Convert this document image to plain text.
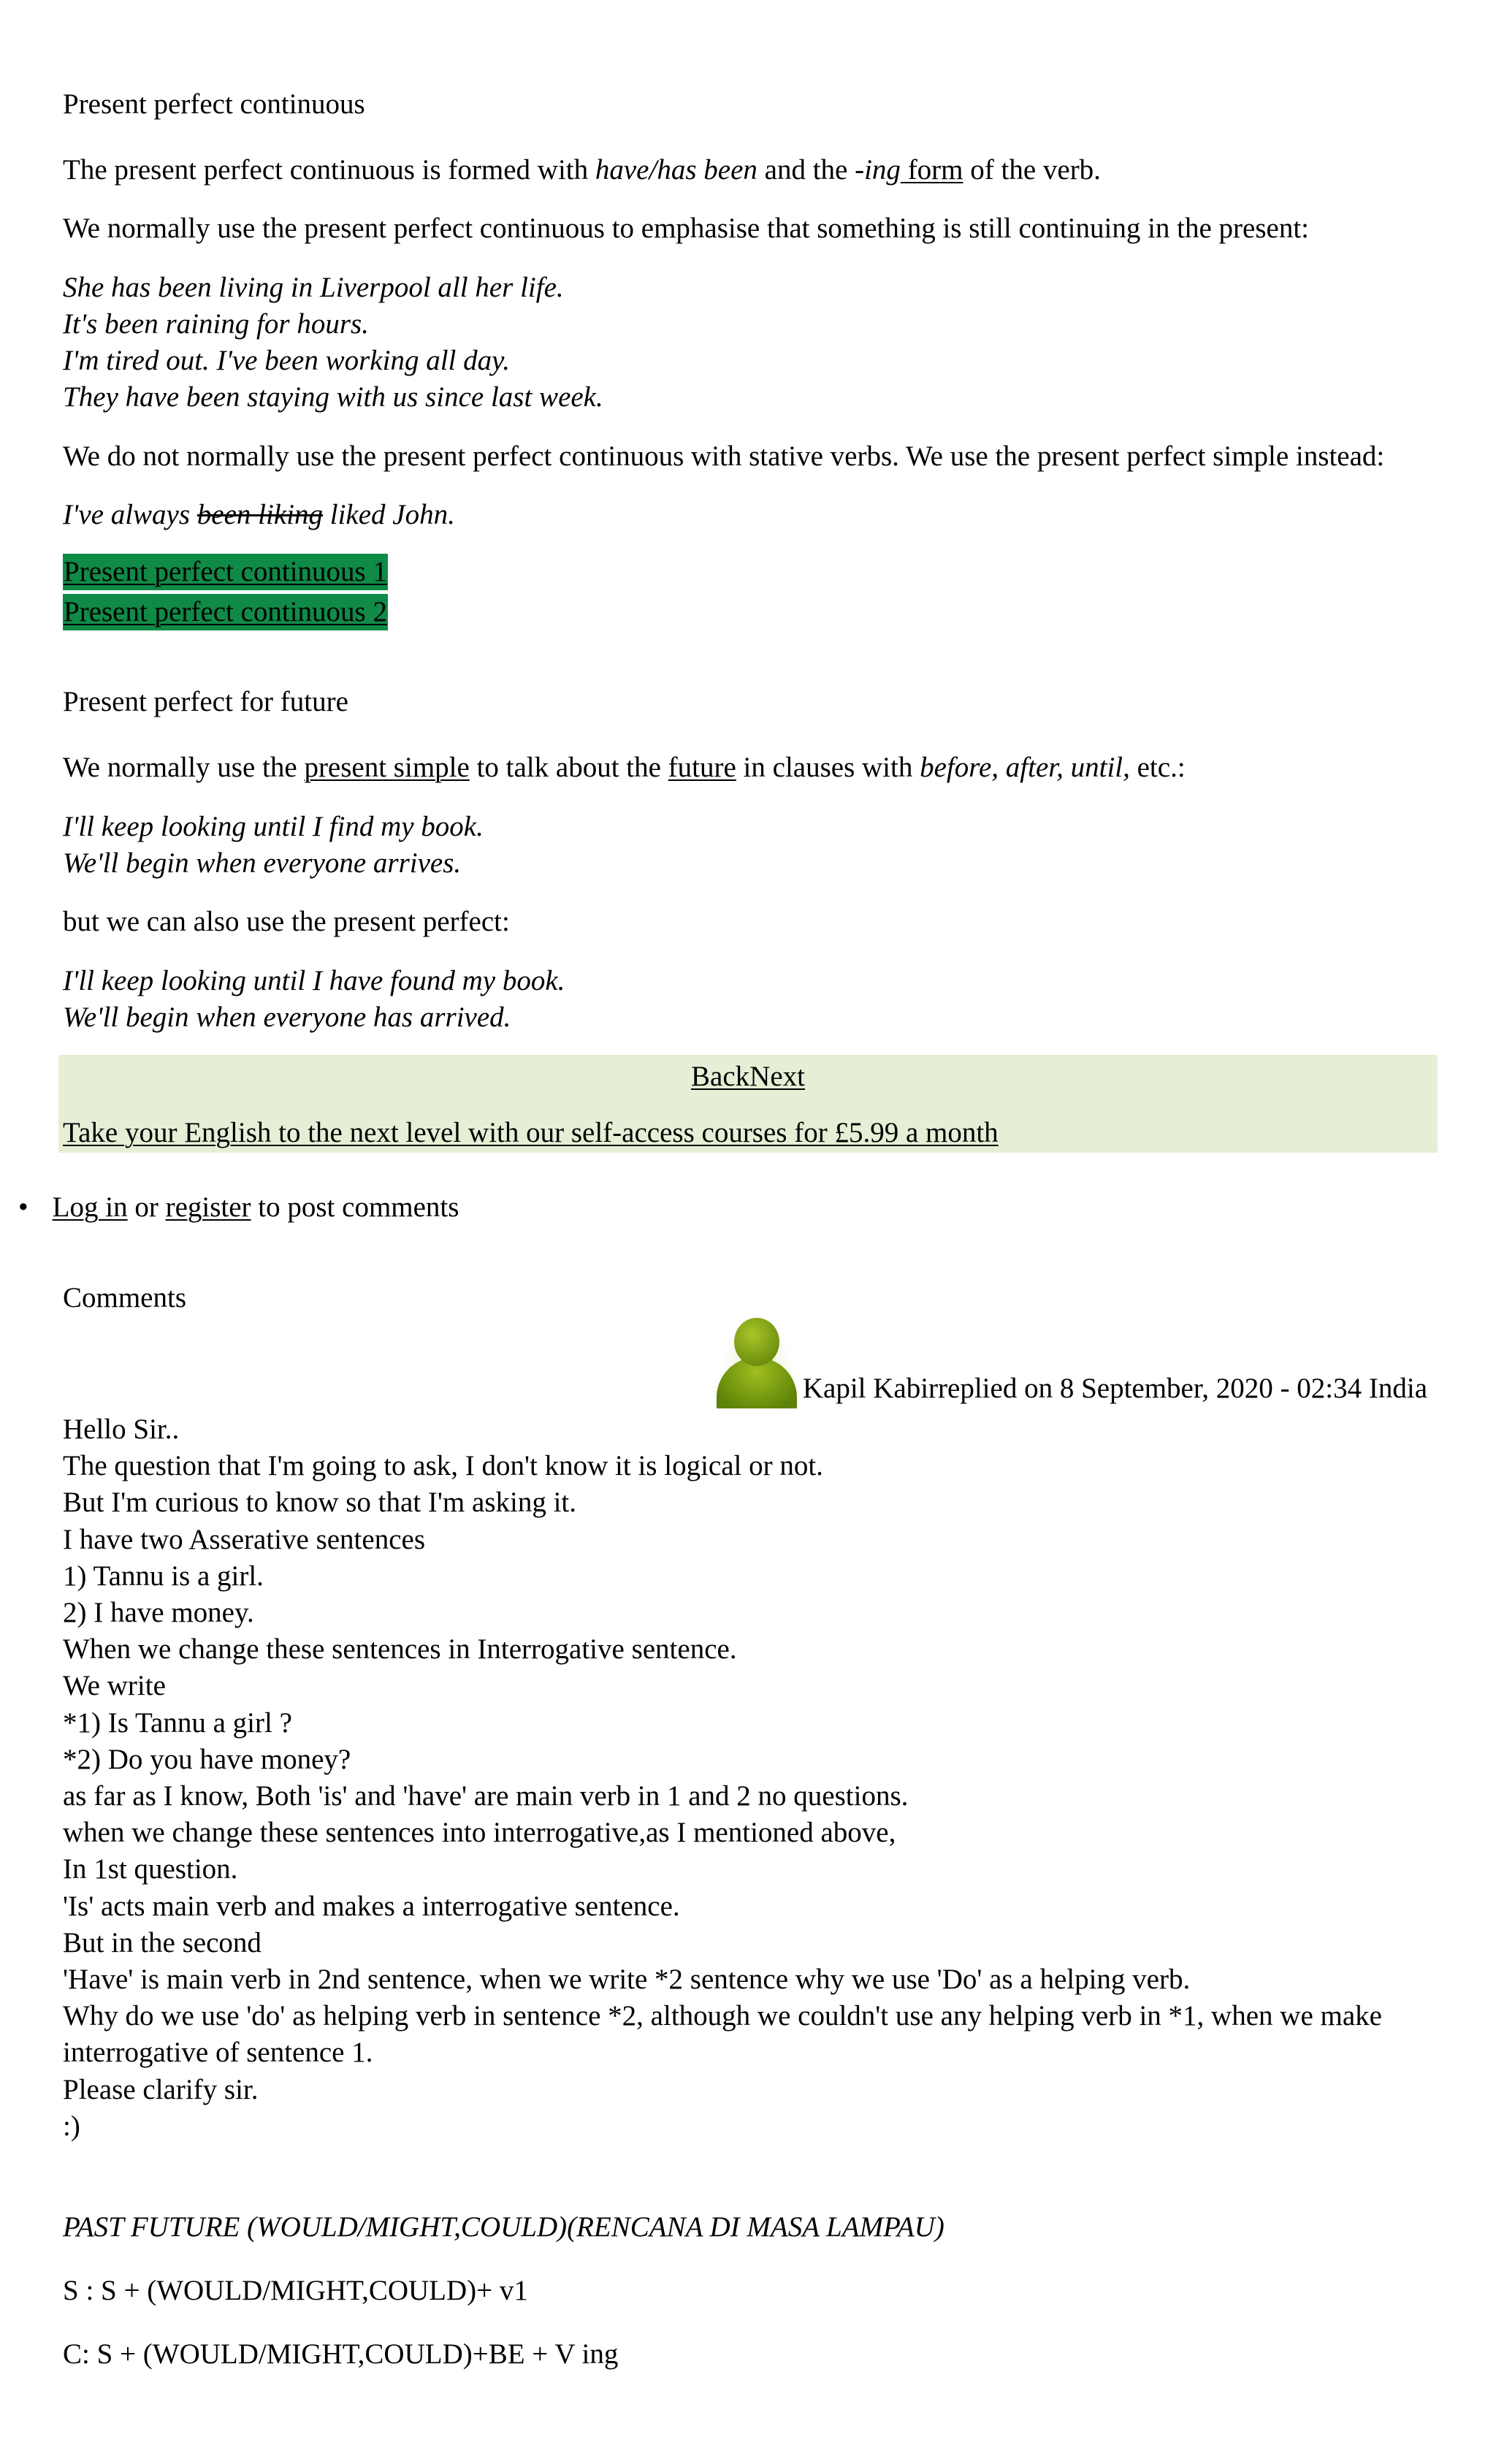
Present perfect continuous

The present perfect continuous is formed with have/has been and the -ing form of the verb.

We normally use the present perfect continuous to emphasise that something is still continuing in the present:

She has been living in Liverpool all her life.

It's been raining for hours.

I'm tired out. I've been working all day.

They have been staying with us since last week.

We do not normally use the present perfect continuous with stative verbs. We use the present perfect simple instead:

I've always been liking liked John.

Present perfect continuous 1
Present perfect continuous 2

Present perfect for future

We normally use the present simple to talk about the future in clauses with before, after, until, etc.:

I'll keep looking until I find my book.

We'll begin when everyone arrives.

but we can also use the present perfect:

I'll keep looking until I have found my book.

We'll begin when everyone has arrived.

BackNext
Take your English to the next level with our self-access courses for £5.99 a month
• Log in or register to post comments

Comments

Kapil Kabirreplied on 8 September, 2020 - 02:34 India

Hello Sir..

The question that I'm going to ask, I don't know it is logical or not.

But I'm curious to know so that I'm asking it.

I have two Asserative sentences

1) Tannu is a girl.

2) I have money.

When we change these sentences in Interrogative sentence.

We write

*1) Is Tannu a girl ?

*2) Do you have money?

as far as I know, Both 'is' and 'have' are main verb in 1 and 2 no questions.

when we change these sentences into interrogative,as I mentioned above,

In 1st question.

'Is' acts main verb and makes a interrogative sentence.

But in the second

'Have' is main verb in 2nd sentence, when we write *2 sentence why we use 'Do' as a helping verb.

Why do we use 'do' as helping verb in sentence *2, although we couldn't use any helping verb in *1, when we make

interrogative of sentence 1.

Please clarify sir.

:)

PAST FUTURE (WOULD/MIGHT,COULD)(RENCANA DI MASA LAMPAU)

S : S + (WOULD/MIGHT,COULD)+ v1

C: S + (WOULD/MIGHT,COULD)+BE + V ing
